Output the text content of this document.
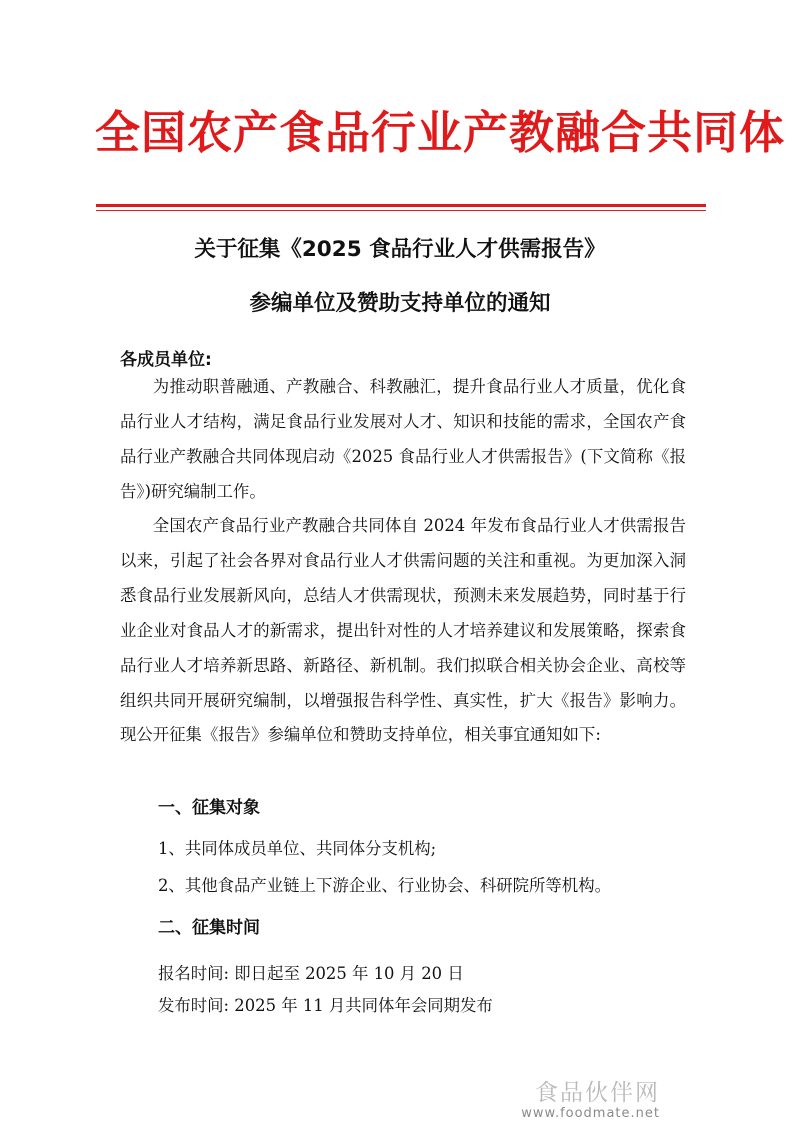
全国农产食品行业产教融合共同体
关于征集《2025 食品行业人才供需报告》
参编单位及赞助支持单位的通知
各成员单位:

为推动职普融通、产教融合、科教融汇，提升食品行业人才质量，优化食品行业人才结构，满足食品行业发展对人才、知识和技能的需求，全国农产食品行业产教融合共同体现启动《2025 食品行业人才供需报告》(下文简称《报告》)研究编制工作。

全国农产食品行业产教融合共同体自 2024 年发布食品行业人才供需报告以来，引起了社会各界对食品行业人才供需问题的关注和重视。为更加深入洞悉食品行业发展新风向，总结人才供需现状，预测未来发展趋势，同时基于行业企业对食品人才的新需求，提出针对性的人才培养建议和发展策略，探索食品行业人才培养新思路、新路径、新机制。我们拟联合相关协会企业、高校等组织共同开展研究编制，以增强报告科学性、真实性，扩大《报告》影响力。现公开征集《报告》参编单位和赞助支持单位，相关事宜通知如下:

一、征集对象
1、共同体成员单位、共同体分支机构;
2、其他食品产业链上下游企业、行业协会、科研院所等机构。
二、征集时间
报名时间: 即日起至 2025 年 10 月 20 日
发布时间: 2025 年 11 月共同体年会同期发布
食品伙伴网
www.foodmate.net
